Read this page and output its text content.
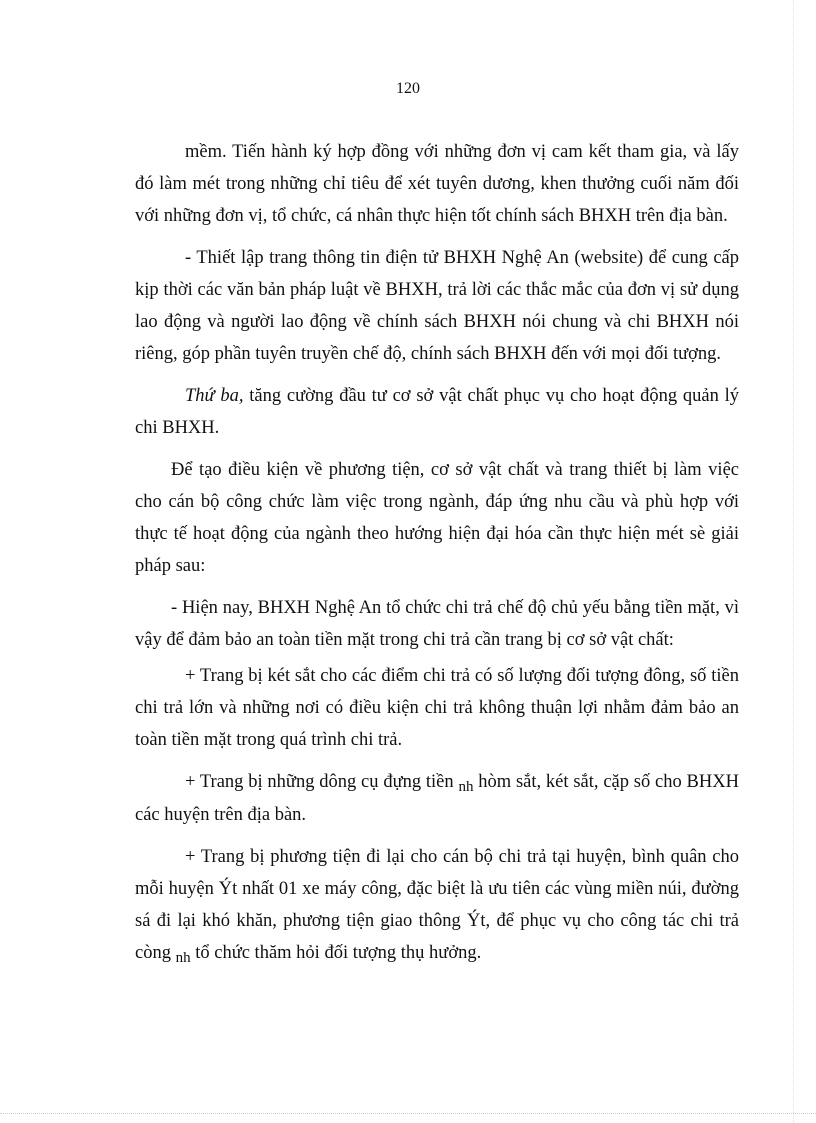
120

mềm. Tiến hành ký hợp đồng với những đơn vị cam kết tham gia, và lấy đó làm mét trong những chỉ tiêu để xét tuyên dương, khen thưởng cuối năm đối với những đơn vị, tổ chức, cá nhân thực hiện tốt chính sách BHXH trên địa bàn.

- Thiết lập trang thông tin điện tử BHXH Nghệ An (website) để cung cấp kịp thời các văn bản pháp luật về BHXH, trả lời các thắc mắc của đơn vị sử dụng lao động và người lao động về chính sách BHXH nói chung và chi BHXH nói riêng, góp phần tuyên truyền chế độ, chính sách BHXH đến với mọi đối tượng.

Thứ ba, tăng cường đầu tư cơ sở vật chất phục vụ cho hoạt động quản lý chi BHXH.

Để tạo điều kiện về phương tiện, cơ sở vật chất và trang thiết bị làm việc cho cán bộ công chức làm việc trong ngành, đáp ứng nhu cầu và phù hợp với thực tế hoạt động của ngành theo hướng hiện đại hóa cần thực hiện mét sè giải pháp sau:

- Hiện nay, BHXH Nghệ An tổ chức chi trả chế độ chủ yếu bằng tiền mặt, vì vậy để đảm bảo an toàn tiền mặt trong chi trả cần trang bị cơ sở vật chất:

+ Trang bị két sắt cho các điểm chi trả có số lượng đối tượng đông, số tiền chi trả lớn và những nơi có điều kiện chi trả không thuận lợi nhằm đảm bảo an toàn tiền mặt trong quá trình chi trả.

+ Trang bị những dông cụ đựng tiền $_{nh}$ hòm sắt, két sắt, cặp số cho BHXH các huyện trên địa bàn.

+ Trang bị phương tiện đi lại cho cán bộ chi trả tại huyện, bình quân cho mỗi huyện Ýt nhất 01 xe máy công, đặc biệt là ưu tiên các vùng miền núi, đường sá đi lại khó khăn, phương tiện giao thông Ýt, để phục vụ cho công tác chi trả còng $_{nh}$ tổ chức thăm hỏi đối tượng thụ hưởng.
